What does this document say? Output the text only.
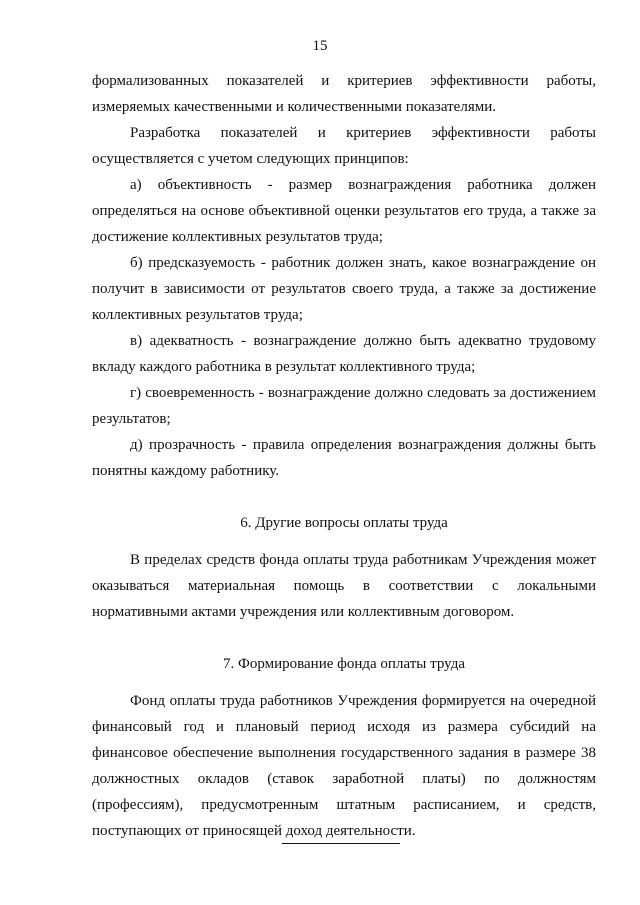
15

формализованных показателей и критериев эффективности работы, измеряемых качественными и количественными показателями.

Разработка показателей и критериев эффективности работы осуществляется с учетом следующих принципов:

а) объективность - размер вознаграждения работника должен определяться на основе объективной оценки результатов его труда, а также за достижение коллективных результатов труда;

б) предсказуемость - работник должен знать, какое вознаграждение он получит в зависимости от результатов своего труда, а также за достижение коллективных результатов труда;

в) адекватность - вознаграждение должно быть адекватно трудовому вкладу каждого работника в результат коллективного труда;

г) своевременность - вознаграждение должно следовать за достижением результатов;

д) прозрачность - правила определения вознаграждения должны быть понятны каждому работнику.

6. Другие вопросы оплаты труда

В пределах средств фонда оплаты труда работникам Учреждения может оказываться материальная помощь в соответствии с локальными нормативными актами учреждения или коллективным договором.

7. Формирование фонда оплаты труда

Фонд оплаты труда работников Учреждения формируется на очередной финансовый год и плановый период исходя из размера субсидий на финансовое обеспечение выполнения государственного задания в размере 38 должностных окладов (ставок заработной платы) по должностям (профессиям), предусмотренным штатным расписанием, и средств, поступающих от приносящей доход деятельности.
